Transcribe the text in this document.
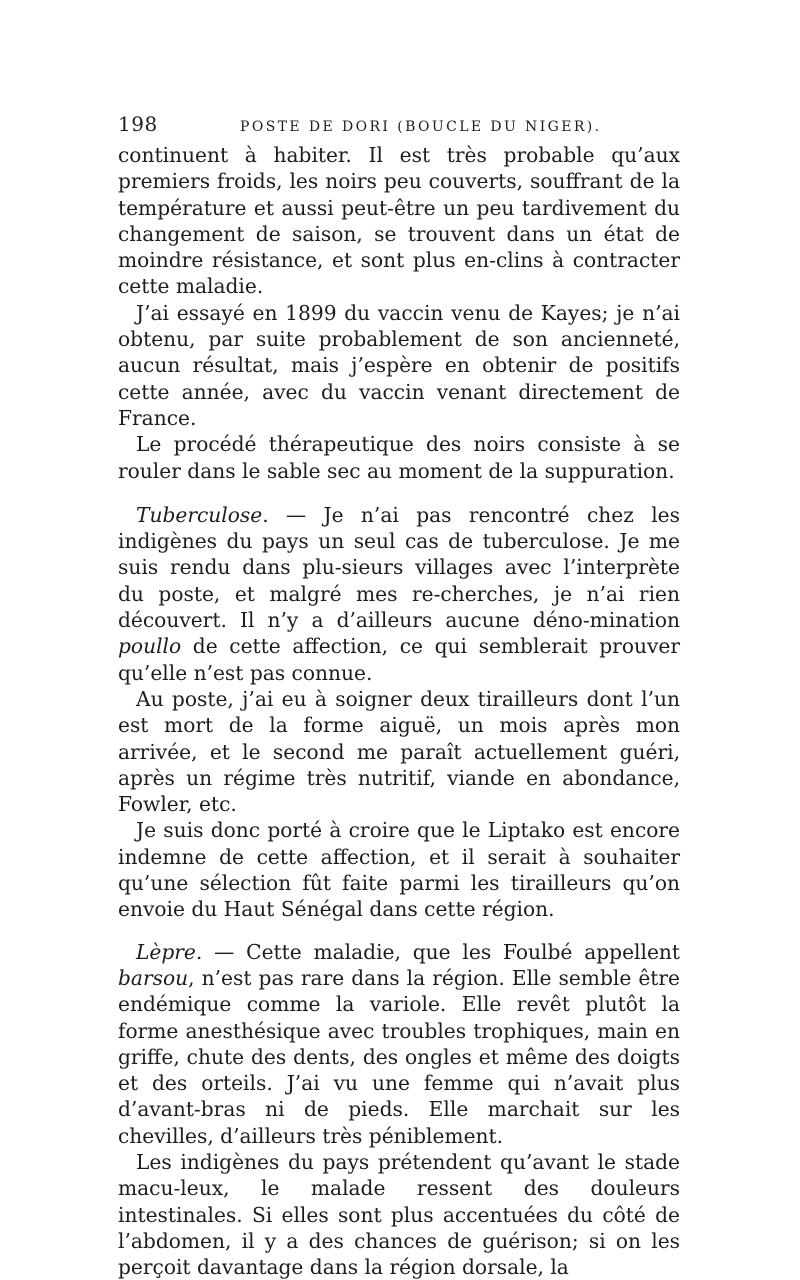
198	POSTE DE DORI (BOUCLE DU NIGER).

continuent à habiter. Il est très probable qu’aux premiers froids, les noirs peu couverts, souffrant de la température et aussi peut-être un peu tardivement du changement de saison, se trouvent dans un état de moindre résistance, et sont plus en-clins à contracter cette maladie.

J’ai essayé en 1899 du vaccin venu de Kayes; je n’ai obtenu, par suite probablement de son ancienneté, aucun résultat, mais j’espère en obtenir de positifs cette année, avec du vaccin venant directement de France.

Le procédé thérapeutique des noirs consiste à se rouler dans le sable sec au moment de la suppuration.

Tuberculose. — Je n’ai pas rencontré chez les indigènes du pays un seul cas de tuberculose. Je me suis rendu dans plu-sieurs villages avec l’interprète du poste, et malgré mes re-cherches, je n’ai rien découvert. Il n’y a d’ailleurs aucune déno-mination poullo de cette affection, ce qui semblerait prouver qu’elle n’est pas connue.

Au poste, j’ai eu à soigner deux tirailleurs dont l’un est mort de la forme aiguë, un mois après mon arrivée, et le second me paraît actuellement guéri, après un régime très nutritif, viande en abondance, Fowler, etc.

Je suis donc porté à croire que le Liptako est encore indemne de cette affection, et il serait à souhaiter qu’une sélection fût faite parmi les tirailleurs qu’on envoie du Haut Sénégal dans cette région.

Lèpre. — Cette maladie, que les Foulbé appellent barsou, n’est pas rare dans la région. Elle semble être endémique comme la variole. Elle revêt plutôt la forme anesthésique avec troubles trophiques, main en griffe, chute des dents, des ongles et même des doigts et des orteils. J’ai vu une femme qui n’avait plus d’avant-bras ni de pieds. Elle marchait sur les chevilles, d’ailleurs très péniblement.

Les indigènes du pays prétendent qu’avant le stade macu-leux, le malade ressent des douleurs intestinales. Si elles sont plus accentuées du côté de l’abdomen, il y a des chances de guérison; si on les perçoit davantage dans la région dorsale, la
